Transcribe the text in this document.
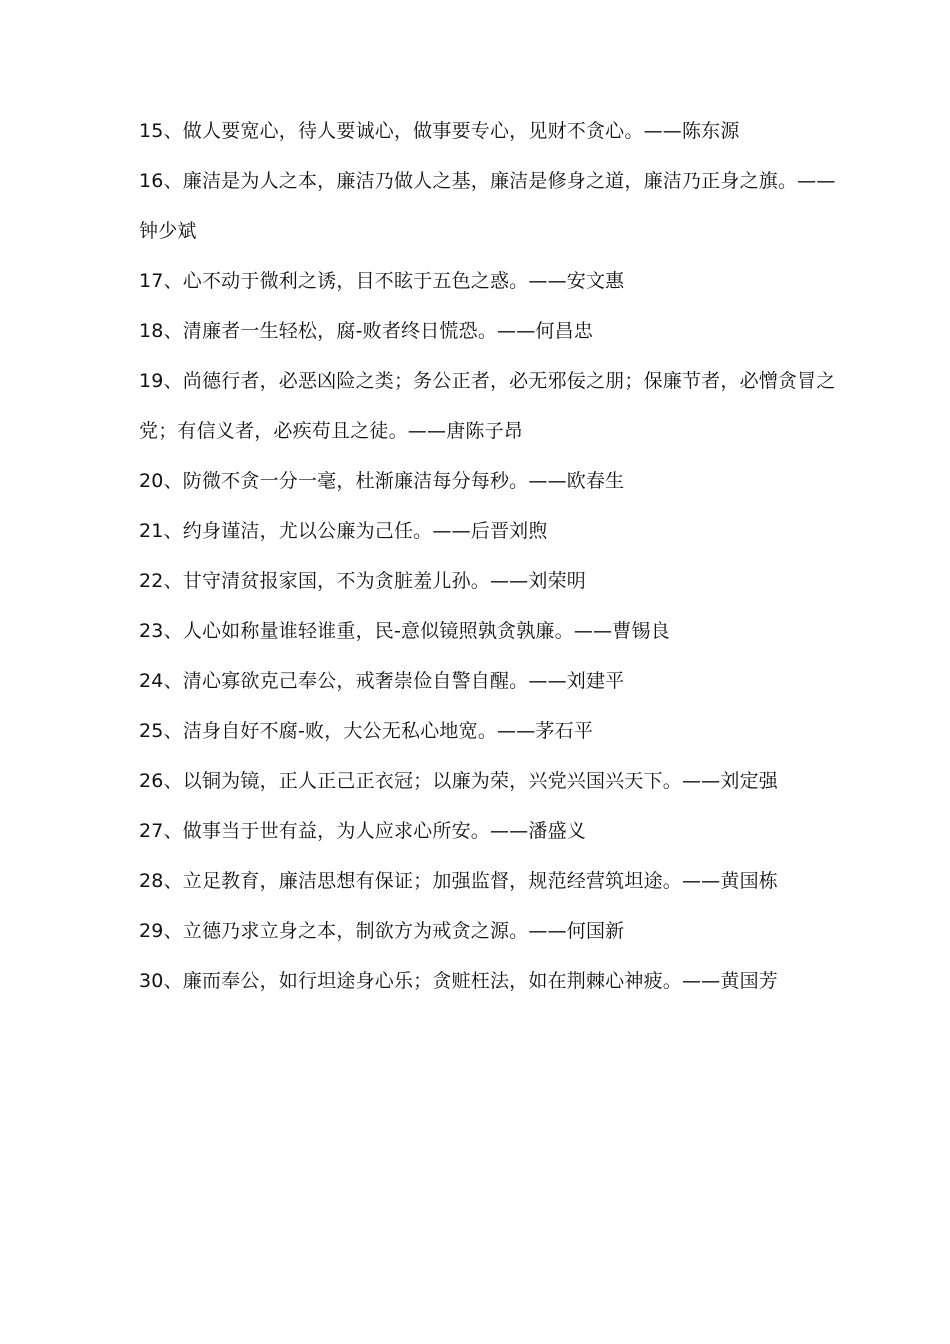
15、做人要宽心，待人要诚心，做事要专心，见财不贪心。——陈东源

16、廉洁是为人之本，廉洁乃做人之基，廉洁是修身之道，廉洁乃正身之旗。——钟少斌

17、心不动于微利之诱，目不眩于五色之惑。——安文惠

18、清廉者一生轻松，腐-败者终日慌恐。——何昌忠

19、尚德行者，必恶凶险之类；务公正者，必无邪佞之朋；保廉节者，必憎贪冒之党；有信义者，必疾苟且之徒。——唐陈子昂

20、防微不贪一分一毫，杜渐廉洁每分每秒。——欧春生

21、约身谨洁，尤以公廉为己任。——后晋刘煦

22、甘守清贫报家国，不为贪脏羞儿孙。——刘荣明

23、人心如称量谁轻谁重，民-意似镜照孰贪孰廉。——曹锡良

24、清心寡欲克己奉公，戒奢崇俭自警自醒。——刘建平

25、洁身自好不腐-败，大公无私心地宽。——茅石平

26、以铜为镜，正人正己正衣冠；以廉为荣，兴党兴国兴天下。——刘定强

27、做事当于世有益，为人应求心所安。——潘盛义

28、立足教育，廉洁思想有保证；加强监督，规范经营筑坦途。——黄国栋

29、立德乃求立身之本，制欲方为戒贪之源。——何国新

30、廉而奉公，如行坦途身心乐；贪赃枉法，如在荆棘心神疲。——黄国芳
